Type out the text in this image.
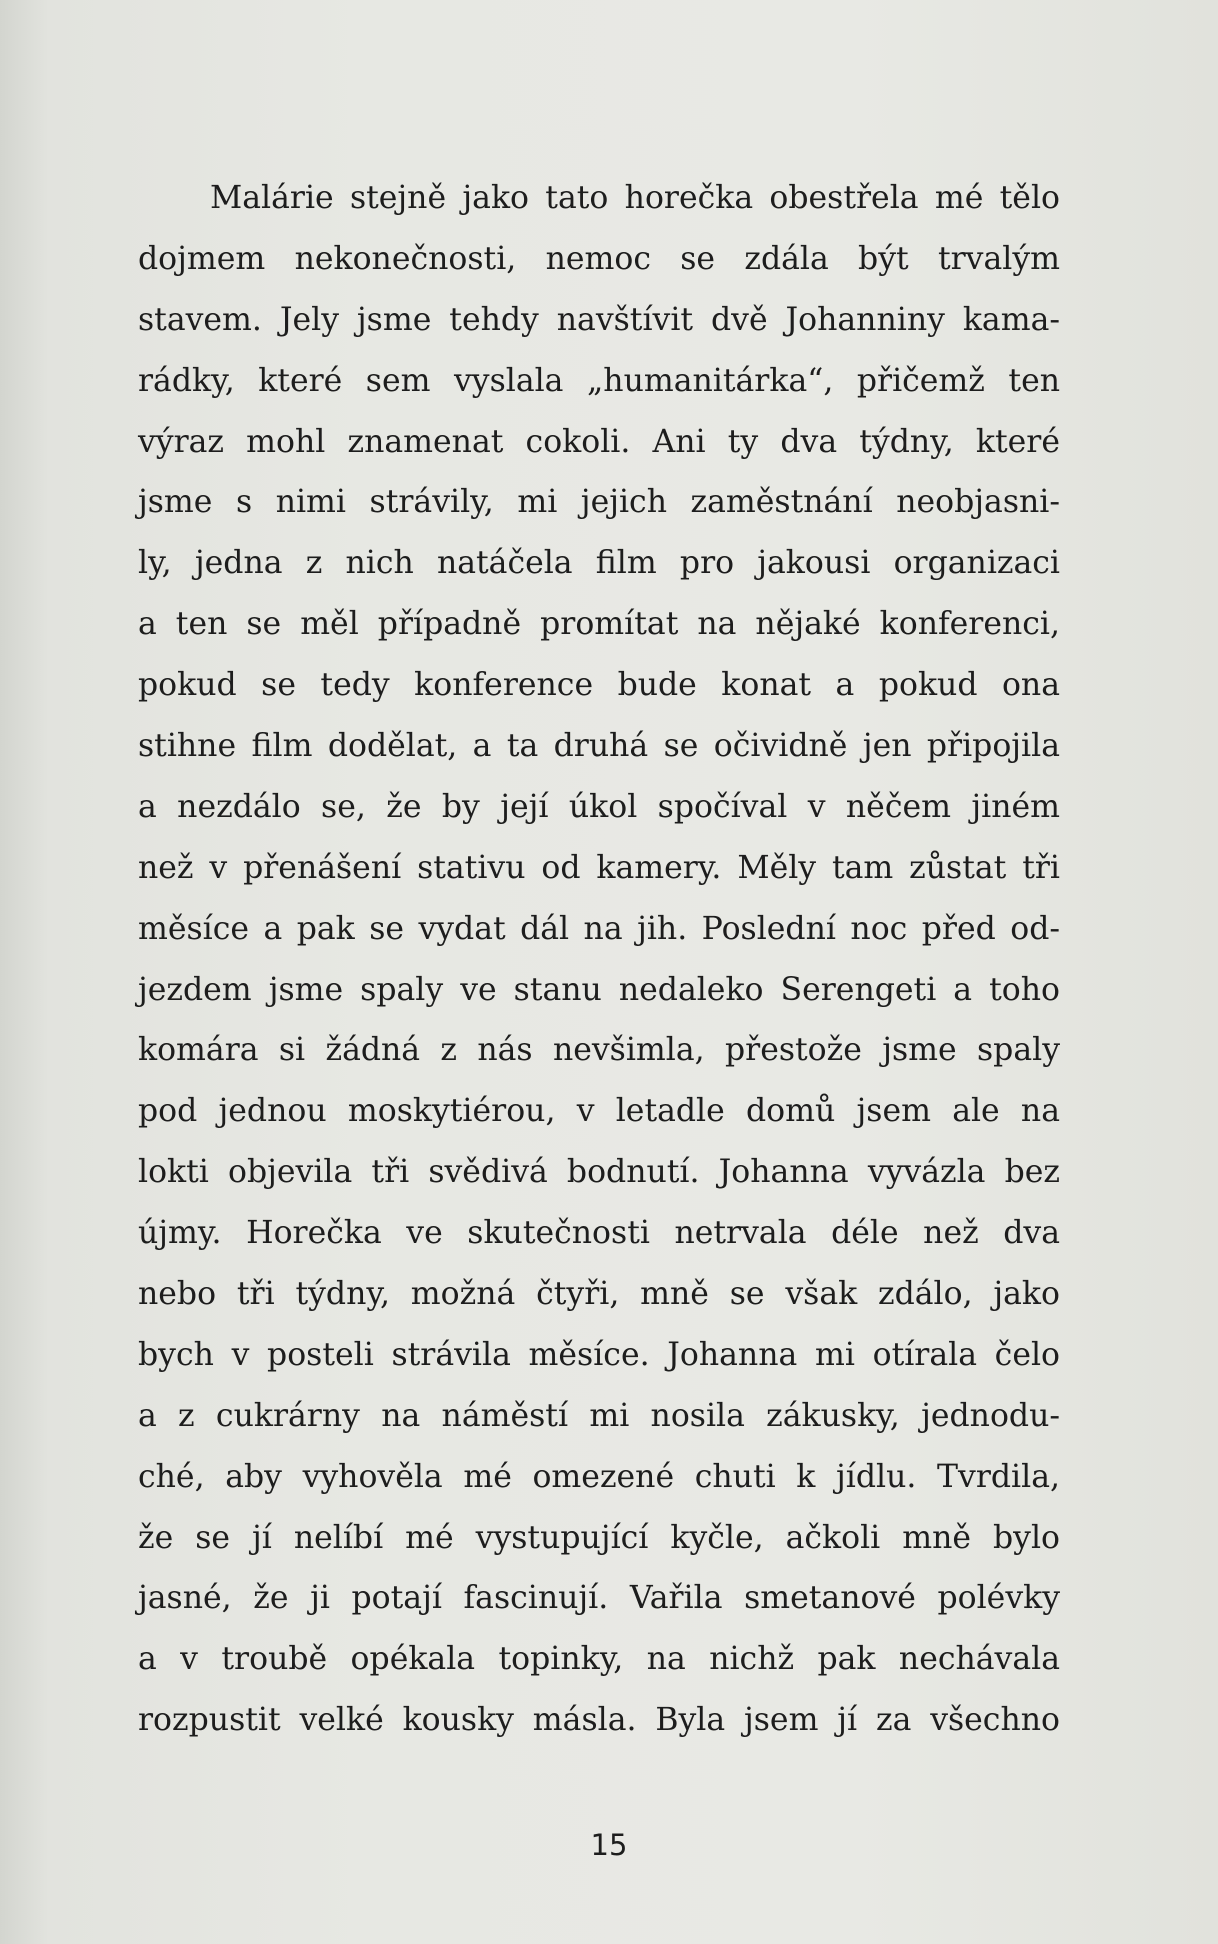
Malárie stejně jako tato horečka obestřela mé tělo
dojmem nekonečnosti, nemoc se zdála být trvalým
stavem. Jely jsme tehdy navštívit dvě Johanniny kama-
rádky, které sem vyslala „humanitárka“, přičemž ten
výraz mohl znamenat cokoli. Ani ty dva týdny, které
jsme s nimi strávily, mi jejich zaměstnání neobjasni-
ly, jedna z nich natáčela film pro jakousi organizaci
a ten se měl případně promítat na nějaké konferenci,
pokud se tedy konference bude konat a pokud ona
stihne film dodělat, a ta druhá se očividně jen připojila
a nezdálo se, že by její úkol spočíval v něčem jiném
než v přenášení stativu od kamery. Měly tam zůstat tři
měsíce a pak se vydat dál na jih. Poslední noc před od-
jezdem jsme spaly ve stanu nedaleko Serengeti a toho
komára si žádná z nás nevšimla, přestože jsme spaly
pod jednou moskytiérou, v letadle domů jsem ale na
lokti objevila tři svědivá bodnutí. Johanna vyvázla bez
újmy. Horečka ve skutečnosti netrvala déle než dva
nebo tři týdny, možná čtyři, mně se však zdálo, jako
bych v posteli strávila měsíce. Johanna mi otírala čelo
a z cukrárny na náměstí mi nosila zákusky, jednodu-
ché, aby vyhověla mé omezené chuti k jídlu. Tvrdila,
že se jí nelíbí mé vystupující kyčle, ačkoli mně bylo
jasné, že ji potají fascinují. Vařila smetanové polévky
a v troubě opékala topinky, na nichž pak nechávala
rozpustit velké kousky másla. Byla jsem jí za všechno
15
